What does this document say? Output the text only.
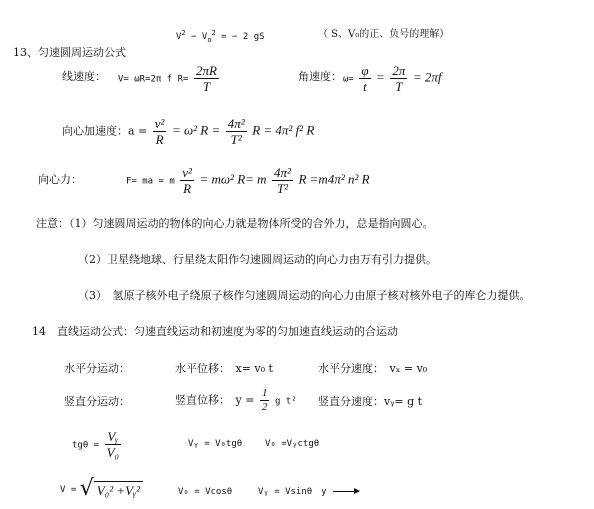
$V^2 - V_o^2$ = − 2 gS	（ S、V₀的正、负号的理解）
13、匀速圆周运动公式
线速度： V= ωR=2π f $R= \frac{2\pi R}{T}$	角速度： $\omega= \frac{\varphi}{t} = \frac{2\pi}{T} = 2\pi f$
向心加速度：$a = \frac{\text{v²}}{R} = \omega^2$ $R = \frac{\text{4π²}}{\text{T²}}$ R = 4π² f² R
向心力：	F= ma = m $\frac{\text{v²}}{R} = m\omega^2$ R= m $\frac{\text{4π²}}{\text{T²}}$ R =m4π² n² R
注意：（1）匀速圆周运动的物体的向心力就是物体所受的合外力，总是指向圆心。
（2）卫星绕地球、行星绕太阳作匀速圆周运动的向心力由万有引力提供。
（3）　氢原子核外电子绕原子核作匀速圆周运动的向心力由原子核对核外电子的库仑力提供。
14　直线运动公式：匀速直线运动和初速度为零的匀加速直线运动的合运动
水平分运动：	水平位移：　x= v₀ t	水平分速度：　vₓ = v₀
竖直分运动：	竖直位移：　$y = \frac{1}{2}$ g t² 竖直分速度：vᵧ= g t
$tg\theta = \frac{\text{Vᵧ}}{\text{V₀}}$	Vᵧ = V₀tgθ	V₀ =Vᵧctgθ
V = √ V₀² +Vᵧ²	V₀ = Vcosθ	Vᵧ = Vsinθ　y
